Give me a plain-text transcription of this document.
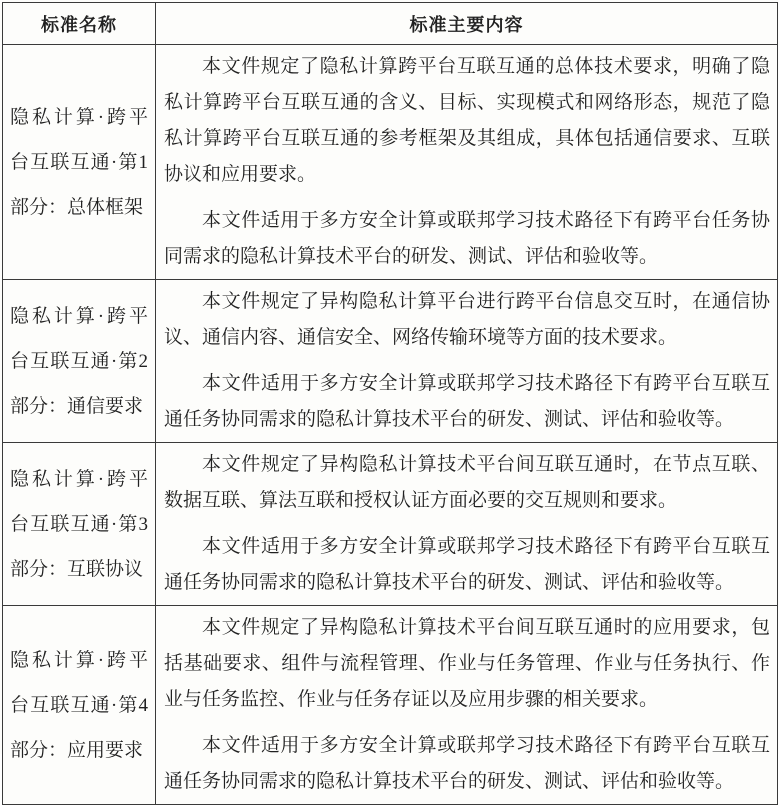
标准名称	标准主要内容
隐私计算·跨平台互联互通·第1部分：总体框架	本文件规定了隐私计算跨平台互联互通的总体技术要求，明确了隐私计算跨平台互联互通的含义、目标、实现模式和网络形态，规范了隐私计算跨平台互联互通的参考框架及其组成，具体包括通信要求、互联协议和应用要求。

本文件适用于多方安全计算或联邦学习技术路径下有跨平台任务协同需求的隐私计算技术平台的研发、测试、评估和验收等。

隐私计算·跨平台互联互通·第2部分：通信要求	本文件规定了异构隐私计算平台进行跨平台信息交互时，在通信协议、通信内容、通信安全、网络传输环境等方面的技术要求。

本文件适用于多方安全计算或联邦学习技术路径下有跨平台互联互通任务协同需求的隐私计算技术平台的研发、测试、评估和验收等。

隐私计算·跨平台互联互通·第3部分：互联协议	本文件规定了异构隐私计算技术平台间互联互通时，在节点互联、数据互联、算法互联和授权认证方面必要的交互规则和要求。

本文件适用于多方安全计算或联邦学习技术路径下有跨平台互联互通任务协同需求的隐私计算技术平台的研发、测试、评估和验收等。

隐私计算·跨平台互联互通·第4部分：应用要求	本文件规定了异构隐私计算技术平台间互联互通时的应用要求，包括基础要求、组件与流程管理、作业与任务管理、作业与任务执行、作业与任务监控、作业与任务存证以及应用步骤的相关要求。

本文件适用于多方安全计算或联邦学习技术路径下有跨平台互联互通任务协同需求的隐私计算技术平台的研发、测试、评估和验收等。
